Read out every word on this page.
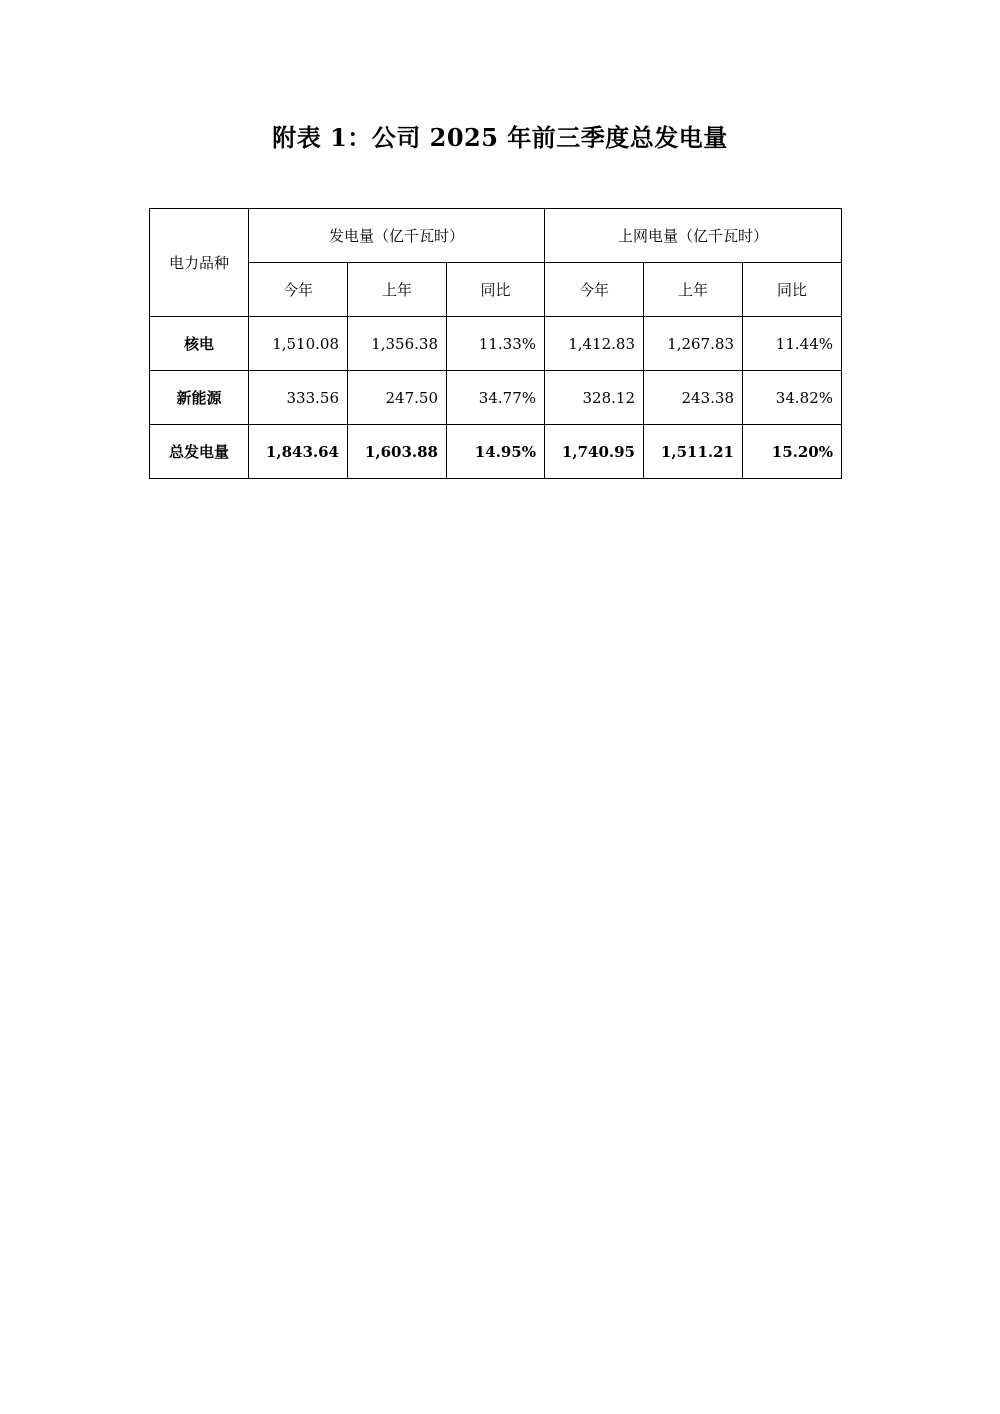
附表 1：公司 2025 年前三季度总发电量
电力品种	发电量（亿千瓦时）			上网电量（亿千瓦时）		
	今年	上年	同比	今年	上年	同比
核电	1,510.08	1,356.38	11.33%	1,412.83	1,267.83	11.44%
新能源	333.56	247.50	34.77%	328.12	243.38	34.82%
总发电量	1,843.64	1,603.88	14.95%	1,740.95	1,511.21	15.20%
